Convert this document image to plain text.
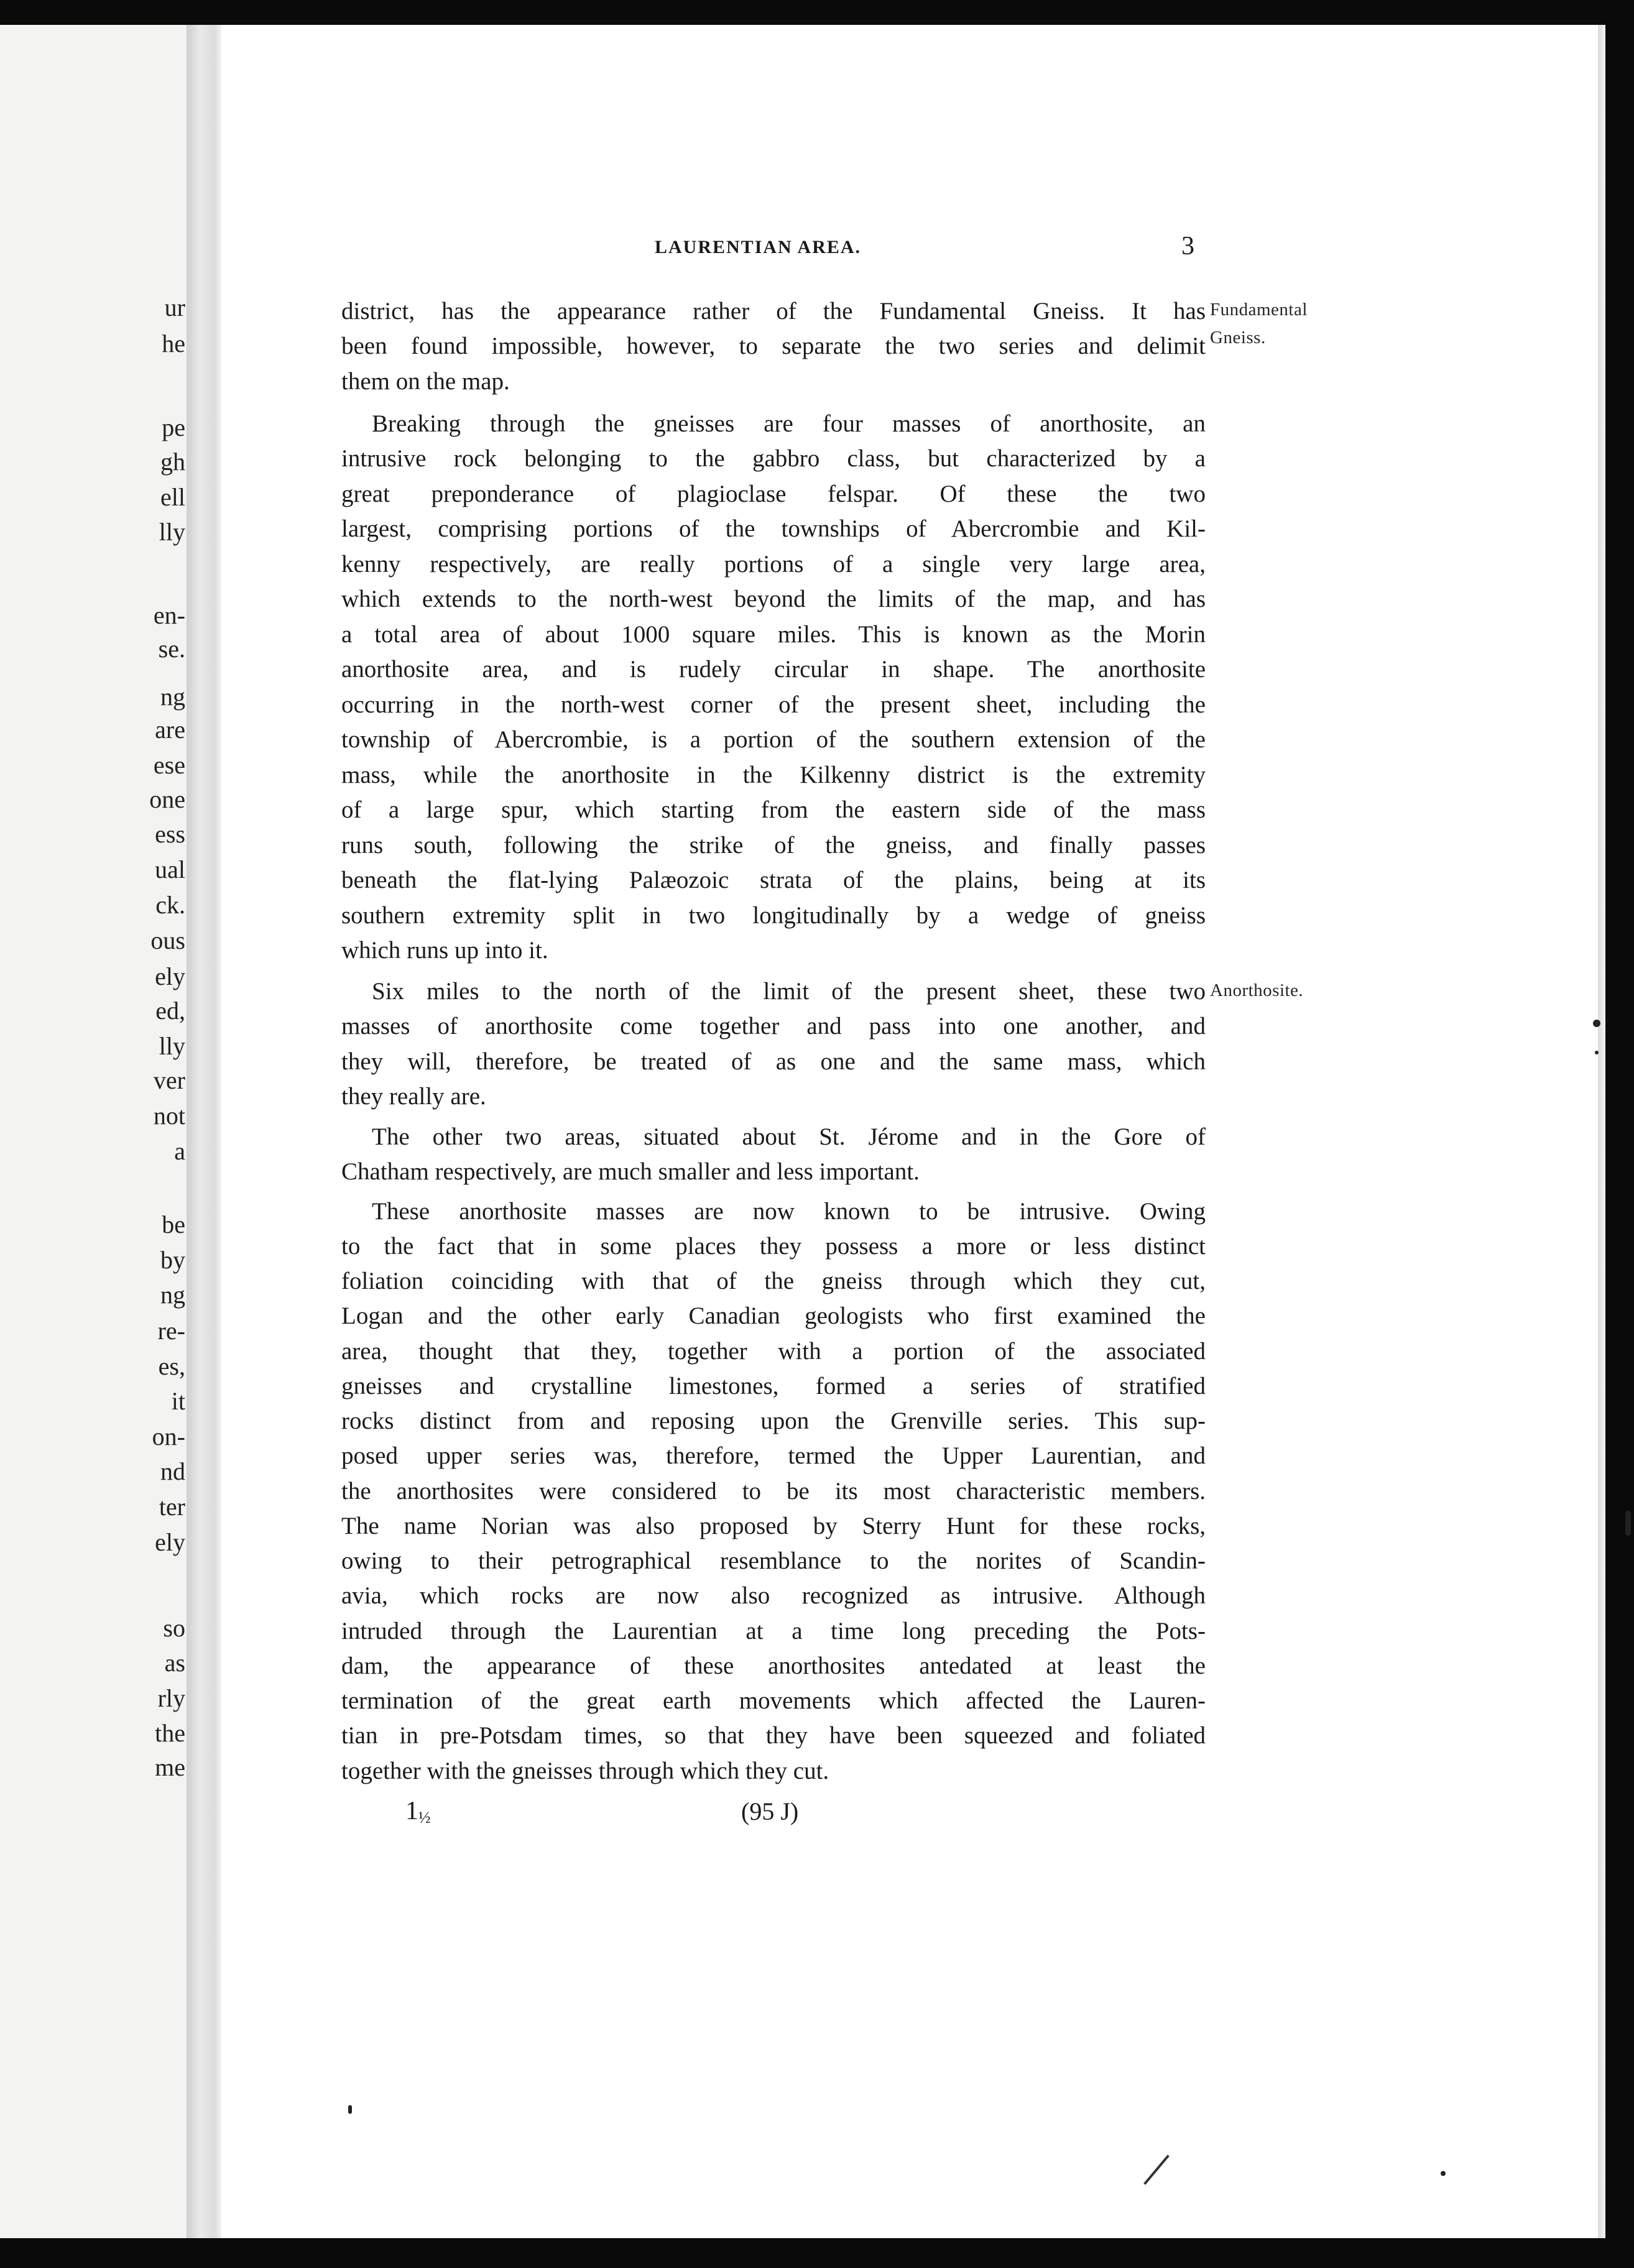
ur
he
pe
gh
ell
lly
en-
se.
ng
are
ese
one
ess
ual
ck.
ous
ely
ed,
lly
ver
not
a
be
by
ng
re-
es,
it
on-
nd
ter
ely
so
as
rly
the
me
LAURENTIAN AREA.	3
district, has the appearance rather of the Fundamental Gneiss. It has
been found impossible, however, to separate the two series and delimit
them on the map.
Breaking through the gneisses are four masses of anorthosite, an
intrusive rock belonging to the gabbro class, but characterized by a
great preponderance of plagioclase felspar. Of these the two
largest, comprising portions of the townships of Abercrombie and Kil-
kenny respectively, are really portions of a single very large area,
which extends to the north-west beyond the limits of the map, and has
a total area of about 1000 square miles. This is known as the Morin
anorthosite area, and is rudely circular in shape. The anorthosite
occurring in the north-west corner of the present sheet, including the
township of Abercrombie, is a portion of the southern extension of the
mass, while the anorthosite in the Kilkenny district is the extremity
of a large spur, which starting from the eastern side of the mass
runs south, following the strike of the gneiss, and finally passes
beneath the flat-lying Palæozoic strata of the plains, being at its
southern extremity split in two longitudinally by a wedge of gneiss
which runs up into it.
Six miles to the north of the limit of the present sheet, these two
masses of anorthosite come together and pass into one another, and
they will, therefore, be treated of as one and the same mass, which
they really are.
The other two areas, situated about St. Jérome and in the Gore of
Chatham respectively, are much smaller and less important.
These anorthosite masses are now known to be intrusive. Owing
to the fact that in some places they possess a more or less distinct
foliation coinciding with that of the gneiss through which they cut,
Logan and the other early Canadian geologists who first examined the
area, thought that they, together with a portion of the associated
gneisses and crystalline limestones, formed a series of stratified
rocks distinct from and reposing upon the Grenville series. This sup-
posed upper series was, therefore, termed the Upper Laurentian, and
the anorthosites were considered to be its most characteristic members.
The name Norian was also proposed by Sterry Hunt for these rocks,
owing to their petrographical resemblance to the norites of Scandin-
avia, which rocks are now also recognized as intrusive. Although
intruded through the Laurentian at a time long preceding the Pots-
dam, the appearance of these anorthosites antedated at least the
termination of the great earth movements which affected the Lauren-
tian in pre-Potsdam times, so that they have been squeezed and foliated
together with the gneisses through which they cut.
Fundamental
Gneiss.
Anorthosite.
1½	(95 J)
